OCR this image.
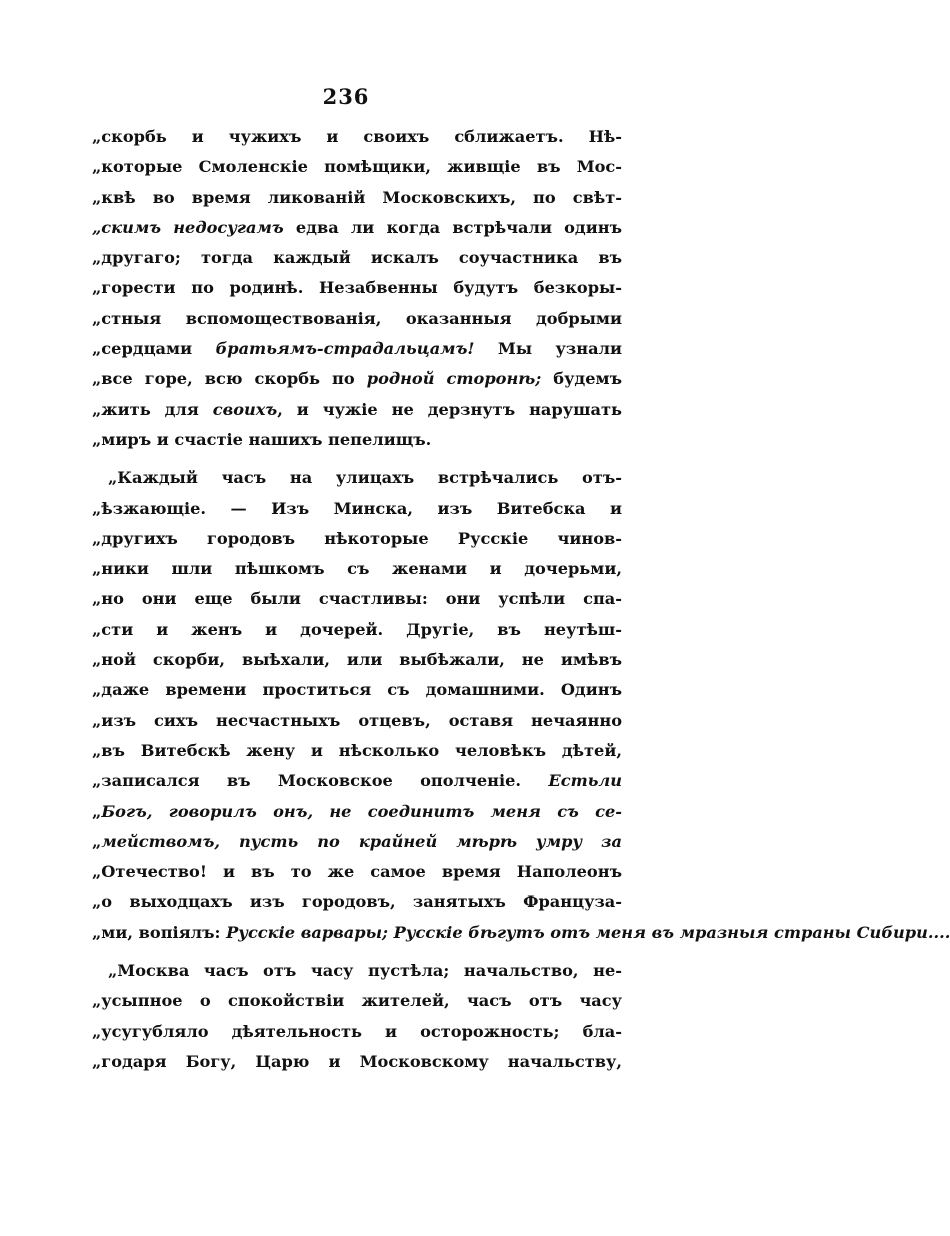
236
„скорбь и чужихъ и своихъ сближаетъ. Нѣ-
„которые Смоленскіе помѣщики, живщіе въ Мос-
„квѣ во время ликованій Московскихъ, по свѣт-
„скимъ недосугамъ едва ли когда встрѣчали одинъ
„другаго; тогда каждый искалъ соучастника въ
„горести по родинѣ. Незабвенны будутъ безкоры-
„стныя вспомоществованія, оказанныя добрыми
„сердцами братьямъ-страдальцамъ! Мы узнали
„все горе, всю скорбь по родной сторонѣ; будемъ
„жить для своихъ, и чужіе не дерзнутъ нарушать
„миръ и счастіе нашихъ пепелищъ.
„Каждый часъ на улицахъ встрѣчались отъ-
„ѣзжающіе. — Изъ Минска, изъ Витебска и
„другихъ городовъ нѣкоторые Русскіе чинов-
„ники шли пѣшкомъ съ женами и дочерьми,
„но они еще были счастливы: они успѣли спа-
„сти и женъ и дочерей. Другіе, въ неутѣш-
„ной скорби, выѣхали, или выбѣжали, не имѣвъ
„даже времени проститься съ домашними. Одинъ
„изъ сихъ несчастныхъ отцевъ, оставя нечаянно
„въ Витебскѣ жену и нѣсколько человѣкъ дѣтей,
„записался въ Московское ополченіе. Естьли
„Богъ, говорилъ онъ, не соединитъ меня съ се-
„мействомъ, пусть по крайней мѣрѣ умру за
„Отечество! и въ то же самое время Наполеонъ
„о выходцахъ изъ городовъ, занятыхъ Французa-
„ми, вопіялъ: Русскіе варвары; Русскіе бѣгутъ отъ меня въ мразныя страны Сибири....
„Москва часъ отъ часу пустѣла; начальство, не-
„усыпное о спокойствіи жителей, часъ отъ часу
„усугубляло дѣятельность и осторожность; бла-
„годаря Богу, Царю и Московскому начальству,
